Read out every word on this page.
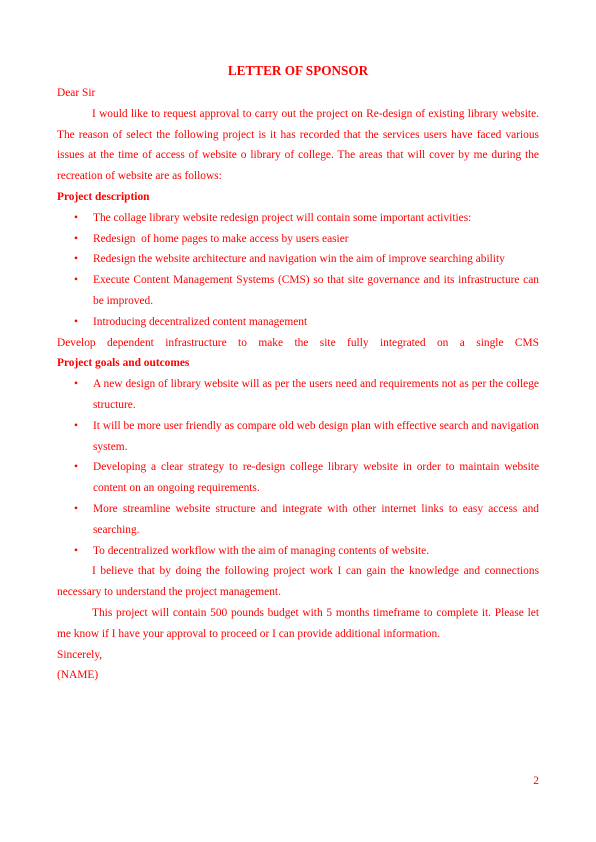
LETTER OF SPONSOR

Dear Sir

I would like to request approval to carry out the project on Re-design of existing library website. The reason of select the following project is it has recorded that the services users have faced various issues at the time of access of website o library of college. The areas that will cover by me during the recreation of website are as follows:

Project description

• The collage library website redesign project will contain some important activities:
• Redesign  of home pages to make access by users easier
• Redesign the website architecture and navigation win the aim of improve searching ability
• Execute Content Management Systems (CMS) so that site governance and its infrastructure can be improved.
• Introducing decentralized content management

Develop dependent infrastructure to make the site fully integrated on a single CMS

Project goals and outcomes

• A new design of library website will as per the users need and requirements not as per the college structure.
• It will be more user friendly as compare old web design plan with effective search and navigation system.
• Developing a clear strategy to re-design college library website in order to maintain website content on an ongoing requirements.
• More streamline website structure and integrate with other internet links to easy access and searching.
• To decentralized workflow with the aim of managing contents of website.

I believe that by doing the following project work I can gain the knowledge and connections necessary to understand the project management.

This project will contain 500 pounds budget with 5 months timeframe to complete it. Please let me know if I have your approval to proceed or I can provide additional information.

Sincerely,

(NAME)

2
